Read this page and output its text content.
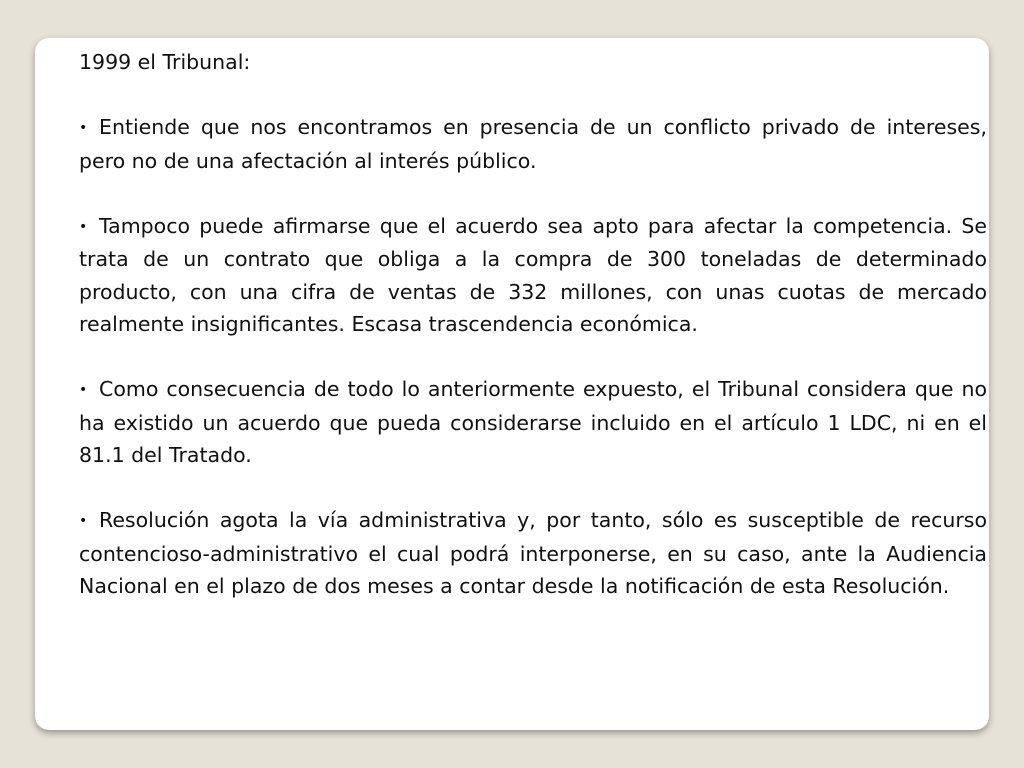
1999 el Tribunal:
• Entiende que nos encontramos en presencia de un conflicto privado de intereses, pero no de una afectación al interés público.
• Tampoco puede afirmarse que el acuerdo sea apto para afectar la competencia. Se trata de un contrato que obliga a la compra de 300 toneladas de determinado producto, con una cifra de ventas de 332 millones, con unas cuotas de mercado realmente insignificantes. Escasa trascendencia económica.
• Como consecuencia de todo lo anteriormente expuesto, el Tribunal considera que no ha existido un acuerdo que pueda considerarse incluido en el artículo 1 LDC, ni en el 81.1 del Tratado.
• Resolución agota la vía administrativa y, por tanto, sólo es susceptible de recurso contencioso-administrativo el cual podrá interponerse, en su caso, ante la Audiencia Nacional en el plazo de dos meses a contar desde la notificación de esta Resolución.
